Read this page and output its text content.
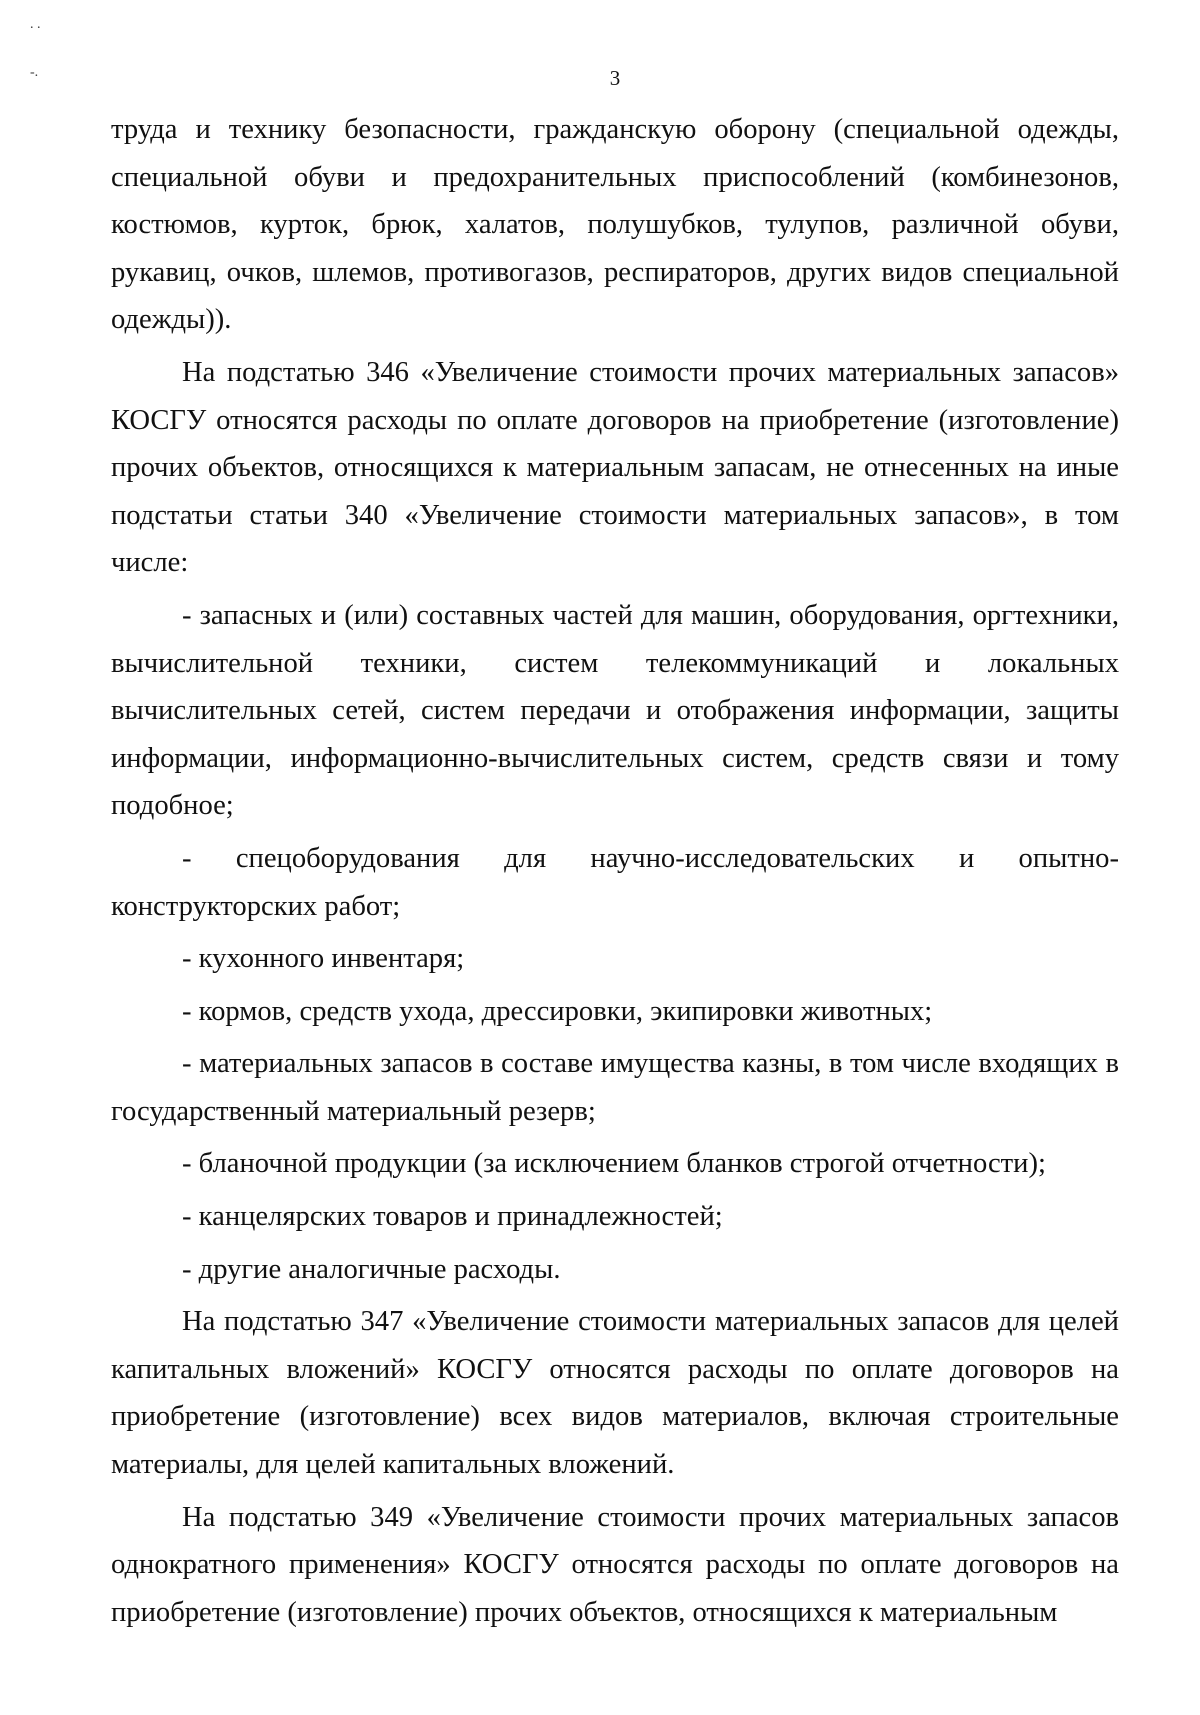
. .
-.	3

труда и технику безопасности, гражданскую оборону (специальной одежды, специальной обуви и предохранительных приспособлений (комбинезонов, костюмов, курток, брюк, халатов, полушубков, тулупов, различной обуви, рукавиц, очков, шлемов, противогазов, респираторов, других видов специальной одежды)).

На подстатью 346 «Увеличение стоимости прочих материальных запасов» КОСГУ относятся расходы по оплате договоров на приобретение (изготовление) прочих объектов, относящихся к материальным запасам, не отнесенных на иные подстатьи статьи 340 «Увеличение стоимости материальных запасов», в том числе:

- запасных и (или) составных частей для машин, оборудования, оргтехники, вычислительной техники, систем телекоммуникаций и локальных вычислительных сетей, систем передачи и отображения информации, защиты информации, информационно-вычислительных систем, средств связи и тому подобное;

- спецоборудования для научно-исследовательских и опытно-конструкторских работ;

- кухонного инвентаря;

- кормов, средств ухода, дрессировки, экипировки животных;

- материальных запасов в составе имущества казны, в том числе входящих в государственный материальный резерв;

- бланочной продукции (за исключением бланков строгой отчетности);

- канцелярских товаров и принадлежностей;

- другие аналогичные расходы.

На подстатью 347 «Увеличение стоимости материальных запасов для целей капитальных вложений» КОСГУ относятся расходы по оплате договоров на приобретение (изготовление) всех видов материалов, включая строительные материалы, для целей капитальных вложений.

На подстатью 349 «Увеличение стоимости прочих материальных запасов однократного применения» КОСГУ относятся расходы по оплате договоров на приобретение (изготовление) прочих объектов, относящихся к материальным
